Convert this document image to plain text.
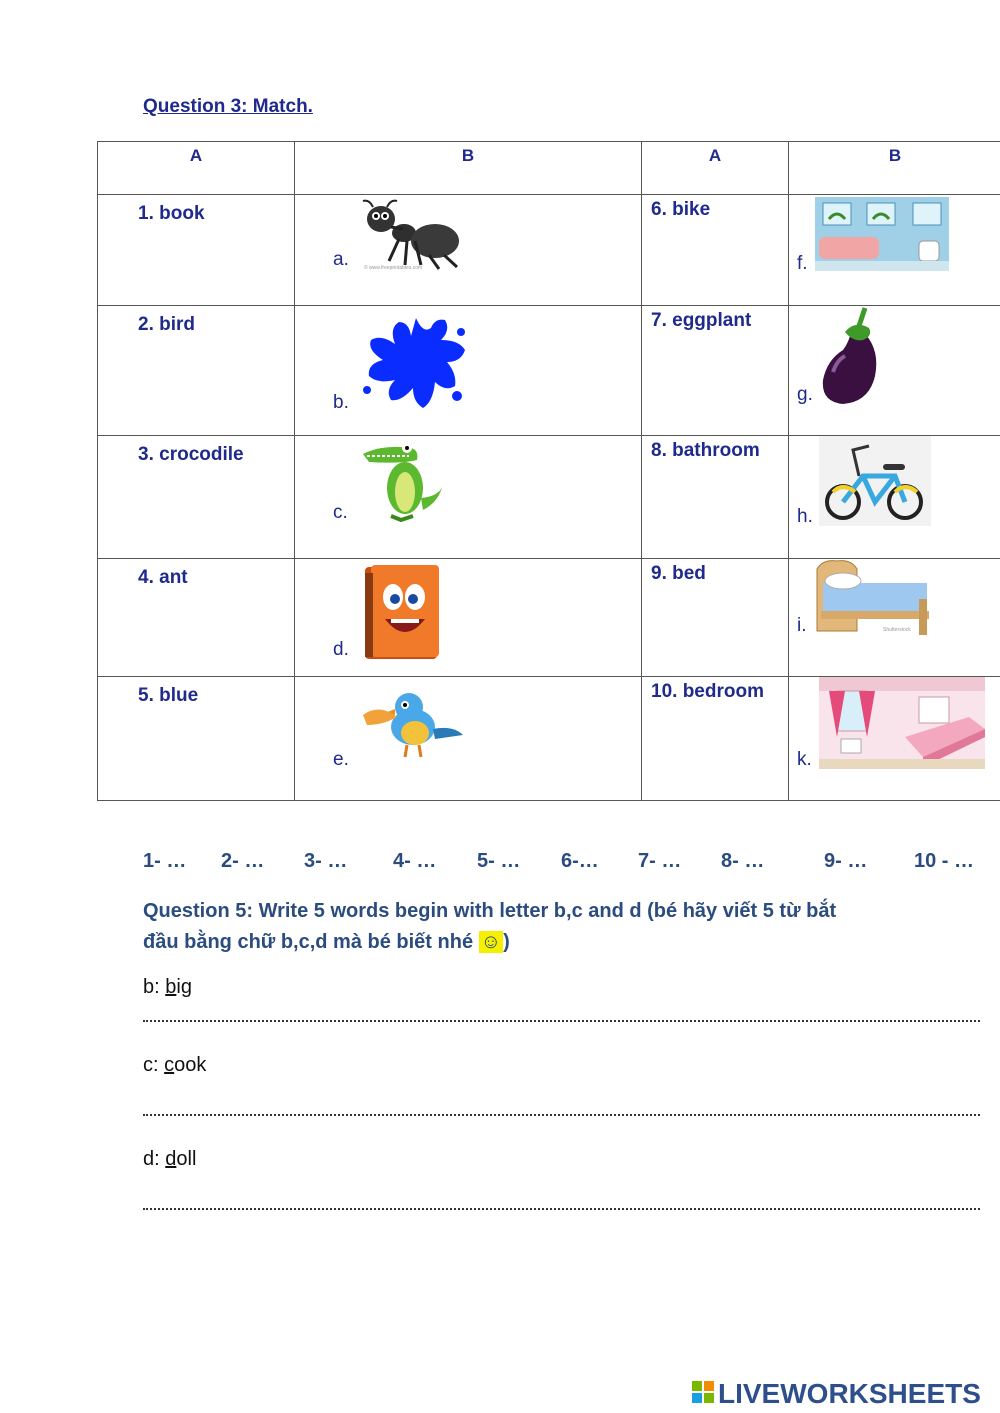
Question 3: Match.
A	B	A	B

1. book	a. © www.freeprintables.com	6. bike	f.

2. bird	b.	7. eggplant	g.

3. crocodile	c.	8. bathroom	h.

4. ant	d.	9. bed	i. Shutterstock

5. blue	e.	10. bedroom	k.
1- … 2- … 3- … 4- … 5- … 6-… 7- … 8- …	9- … 10 - …
Question 5: Write 5 words begin with letter b,c and d (bé hãy viết 5 từ bắt
đầu bằng chữ b,c,d mà bé biết nhé ☺ )
b: big
c: cook
d: doll
LIVEWORKSHEETS
